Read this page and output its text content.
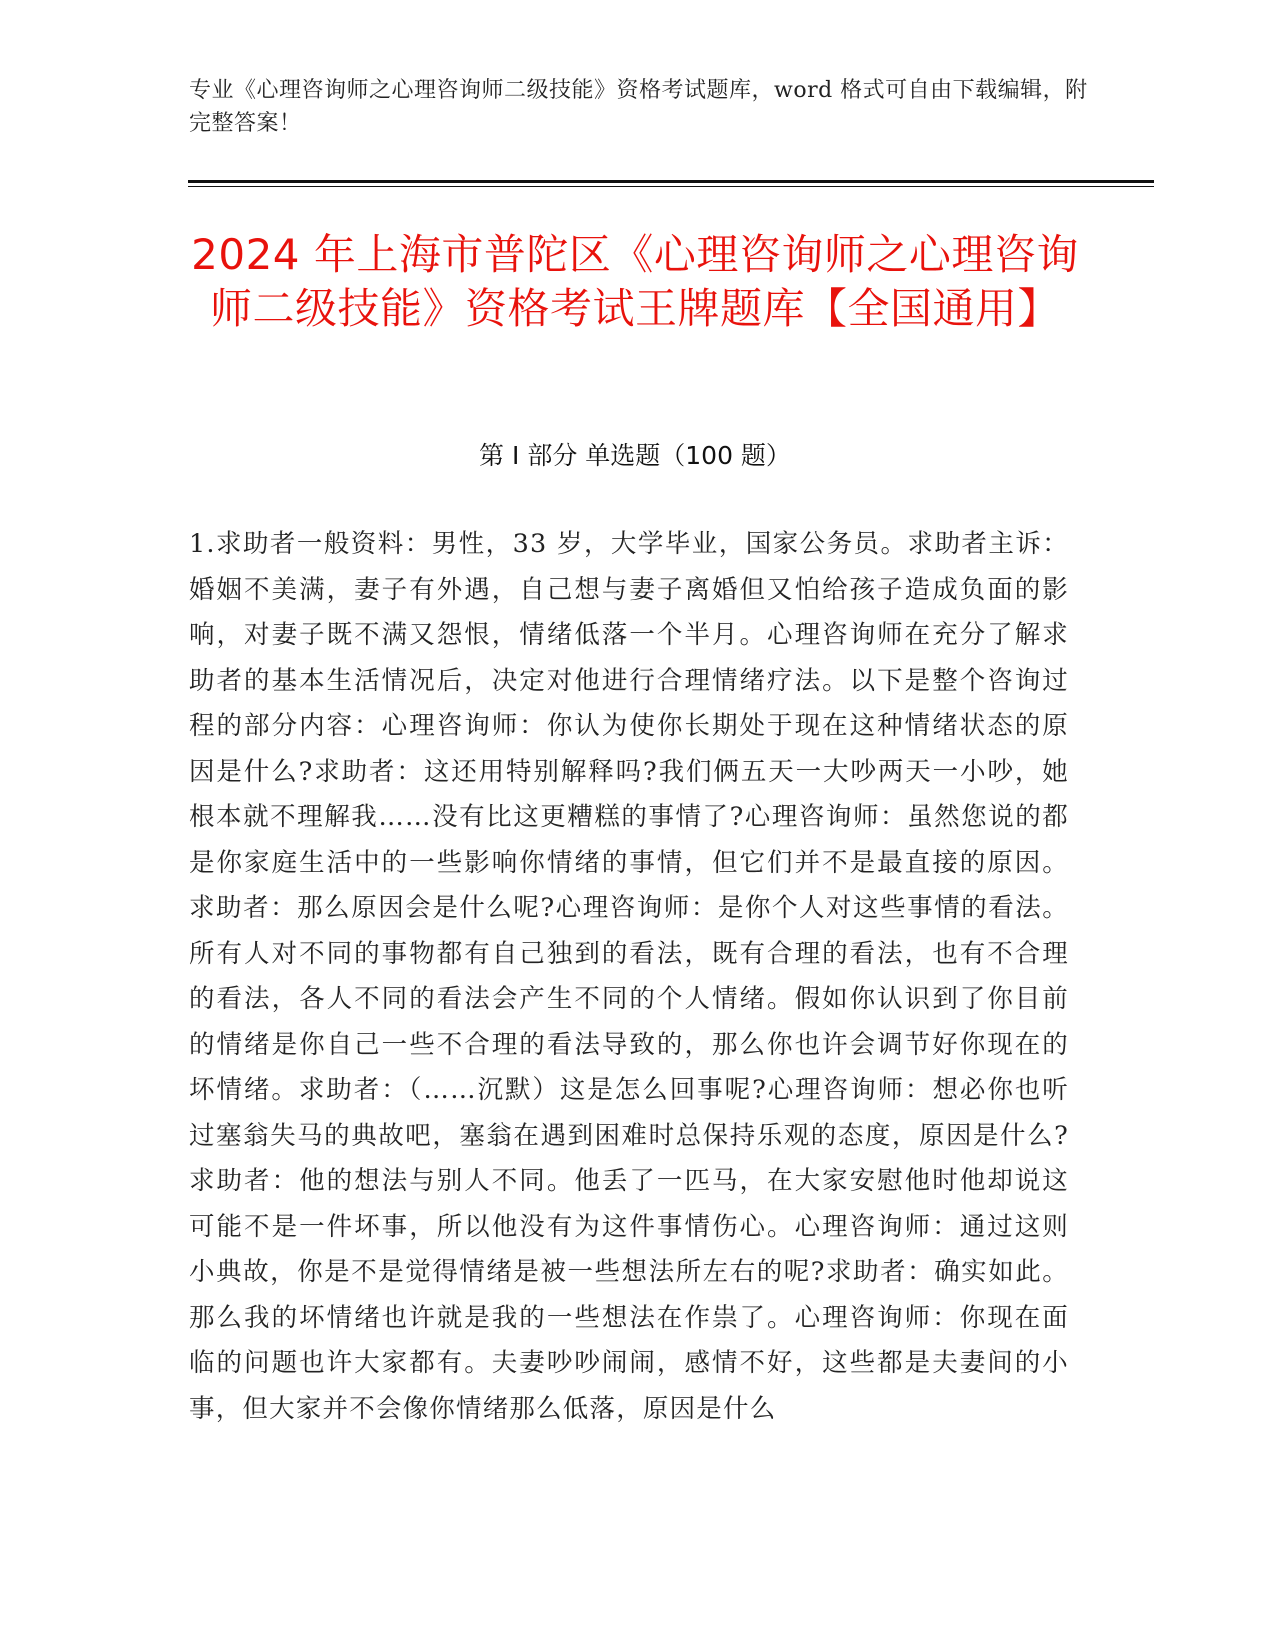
专业《心理咨询师之心理咨询师二级技能》资格考试题库，word 格式可自由下载编辑，附完整答案！
2024 年上海市普陀区《心理咨询师之心理咨询师二级技能》资格考试王牌题库【全国通用】
第 I 部分 单选题（100 题）

1.求助者一般资料：男性，33 岁，大学毕业，国家公务员。求助者主诉：婚姻不美满，妻子有外遇，自己想与妻子离婚但又怕给孩子造成负面的影响，对妻子既不满又怨恨，情绪低落一个半月。心理咨询师在充分了解求助者的基本生活情况后，决定对他进行合理情绪疗法。以下是整个咨询过程的部分内容：心理咨询师：你认为使你长期处于现在这种情绪状态的原因是什么?求助者：这还用特别解释吗?我们俩五天一大吵两天一小吵，她根本就不理解我……没有比这更糟糕的事情了?心理咨询师：虽然您说的都是你家庭生活中的一些影响你情绪的事情，但它们并不是最直接的原因。求助者：那么原因会是什么呢?心理咨询师：是你个人对这些事情的看法。所有人对不同的事物都有自己独到的看法，既有合理的看法，也有不合理的看法，各人不同的看法会产生不同的个人情绪。假如你认识到了你目前的情绪是你自己一些不合理的看法导致的，那么你也许会调节好你现在的坏情绪。求助者：（……沉默）这是怎么回事呢?心理咨询师：想必你也听过塞翁失马的典故吧，塞翁在遇到困难时总保持乐观的态度，原因是什么?求助者：他的想法与别人不同。他丢了一匹马，在大家安慰他时他却说这可能不是一件坏事，所以他没有为这件事情伤心。心理咨询师：通过这则小典故，你是不是觉得情绪是被一些想法所左右的呢?求助者：确实如此。那么我的坏情绪也许就是我的一些想法在作祟了。心理咨询师：你现在面临的问题也许大家都有。夫妻吵吵闹闹，感情不好，这些都是夫妻间的小事，但大家并不会像你情绪那么低落，原因是什么
